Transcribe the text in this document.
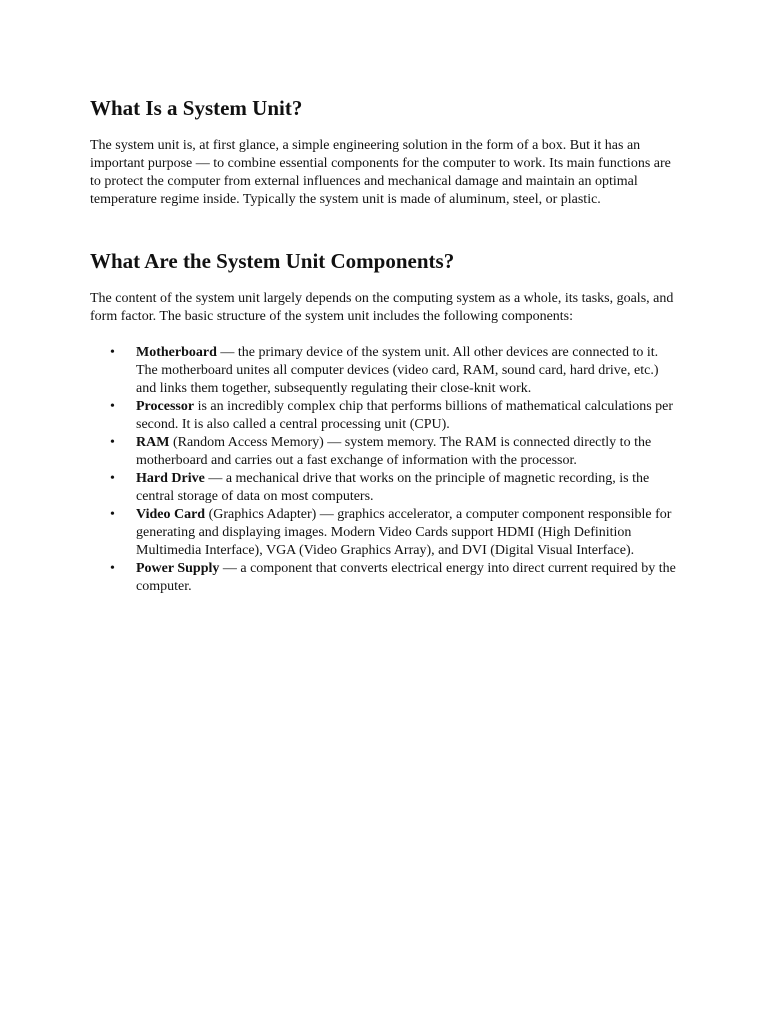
What Is a System Unit?

The system unit is, at first glance, a simple engineering solution in the form of a box. But it has an important purpose — to combine essential components for the computer to work. Its main functions are to protect the computer from external influences and mechanical damage and maintain an optimal temperature regime inside. Typically the system unit is made of aluminum, steel, or plastic.

What Are the System Unit Components?

The content of the system unit largely depends on the computing system as a whole, its tasks, goals, and form factor. The basic structure of the system unit includes the following components:

• Motherboard — the primary device of the system unit. All other devices are connected to it. The motherboard unites all computer devices (video card, RAM, sound card, hard drive, etc.) and links them together, subsequently regulating their close-knit work.
• Processor is an incredibly complex chip that performs billions of mathematical calculations per second. It is also called a central processing unit (CPU).
• RAM (Random Access Memory) — system memory. The RAM is connected directly to the motherboard and carries out a fast exchange of information with the processor.
• Hard Drive — a mechanical drive that works on the principle of magnetic recording, is the central storage of data on most computers.
• Video Card (Graphics Adapter) — graphics accelerator, a computer component responsible for generating and displaying images. Modern Video Cards support HDMI (High Definition Multimedia Interface), VGA (Video Graphics Array), and DVI (Digital Visual Interface).
• Power Supply — a component that converts electrical energy into direct current required by the computer.
